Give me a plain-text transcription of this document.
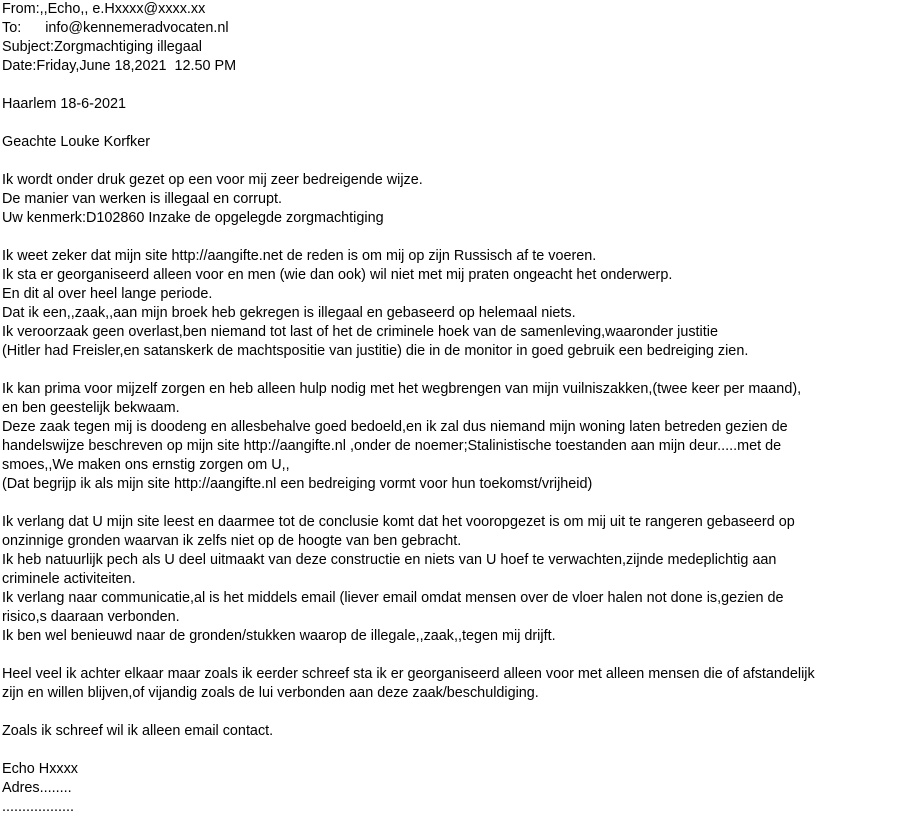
From:,,Echo,, e.Hxxxx@xxxx.xx
To: info@kennemeradvocaten.nl
Subject:Zorgmachtiging illegaal
Date:Friday,June 18,2021  12.50 PM
Haarlem 18-6-2021
Geachte Louke Korfker
Ik wordt onder druk gezet op een voor mij zeer bedreigende wijze.
De manier van werken is illegaal en corrupt.
Uw kenmerk:D102860 Inzake de opgelegde zorgmachtiging
Ik weet zeker dat mijn site http://aangifte.net de reden is om mij op zijn Russisch af te voeren.
Ik sta er georganiseerd alleen voor en men (wie dan ook) wil niet met mij praten ongeacht het onderwerp.
En dit al over heel lange periode.
Dat ik een,,zaak,,aan mijn broek heb gekregen is illegaal en gebaseerd op helemaal niets.
Ik veroorzaak geen overlast,ben niemand tot last of het de criminele hoek van de samenleving,waaronder justitie
(Hitler had Freisler,en satanskerk de machtspositie van justitie) die in de monitor in goed gebruik een bedreiging zien.
Ik kan prima voor mijzelf zorgen en heb alleen hulp nodig met het wegbrengen van mijn vuilniszakken,(twee keer per maand),
en ben geestelijk bekwaam.
Deze zaak tegen mij is doodeng en allesbehalve goed bedoeld,en ik zal dus niemand mijn woning laten betreden gezien de
handelswijze beschreven op mijn site http://aangifte.nl ,onder de noemer;Stalinistische toestanden aan mijn deur.....met de
smoes,,We maken ons ernstig zorgen om U,,
(Dat begrijp ik als mijn site http://aangifte.nl een bedreiging vormt voor hun toekomst/vrijheid)
Ik verlang dat U mijn site leest en daarmee tot de conclusie komt dat het vooropgezet is om mij uit te rangeren gebaseerd op
onzinnige gronden waarvan ik zelfs niet op de hoogte van ben gebracht.
Ik heb natuurlijk pech als U deel uitmaakt van deze constructie en niets van U hoef te verwachten,zijnde medeplichtig aan
criminele activiteiten.
Ik verlang naar communicatie,al is het middels email (liever email omdat mensen over de vloer halen not done is,gezien de
risico,s daaraan verbonden.
Ik ben wel benieuwd naar de gronden/stukken waarop de illegale,,zaak,,tegen mij drijft.
Heel veel ik achter elkaar maar zoals ik eerder schreef sta ik er georganiseerd alleen voor met alleen mensen die of afstandelijk
zijn en willen blijven,of vijandig zoals de lui verbonden aan deze zaak/beschuldiging.
Zoals ik schreef wil ik alleen email contact.
Echo Hxxxx
Adres........
..................
